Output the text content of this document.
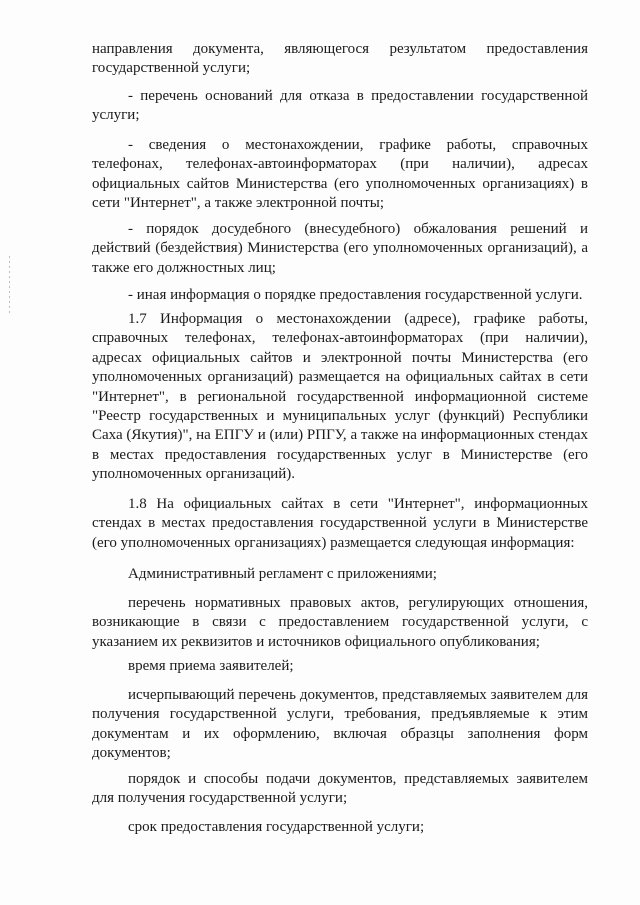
направления документа, являющегося результатом предоставления государственной услуги;

- перечень оснований для отказа в предоставлении государственной услуги;

- сведения о местонахождении, графике работы, справочных телефонах, телефонах-автоинформаторах (при наличии), адресах официальных сайтов Министерства (его уполномоченных организациях) в сети "Интернет", а также электронной почты;

- порядок досудебного (внесудебного) обжалования решений и действий (бездействия) Министерства (его уполномоченных организаций), а также его должностных лиц;

- иная информация о порядке предоставления государственной услуги.

1.7 Информация о местонахождении (адресе), графике работы, справочных телефонах, телефонах-автоинформаторах (при наличии), адресах официальных сайтов и электронной почты Министерства (его уполномоченных организаций) размещается на официальных сайтах в сети "Интернет", в региональной государственной информационной системе "Реестр государственных и муниципальных услуг (функций) Республики Саха (Якутия)", на ЕПГУ и (или) РПГУ, а также на информационных стендах в местах предоставления государственных услуг в Министерстве (его уполномоченных организаций).

1.8 На официальных сайтах в сети "Интернет", информационных стендах в местах предоставления государственной услуги в Министерстве (его уполномоченных организациях) размещается следующая информация:

Административный регламент с приложениями;

перечень нормативных правовых актов, регулирующих отношения, возникающие в связи с предоставлением государственной услуги, с указанием их реквизитов и источников официального опубликования;

время приема заявителей;

исчерпывающий перечень документов, представляемых заявителем для получения государственной услуги, требования, предъявляемые к этим документам и их оформлению, включая образцы заполнения форм документов;

порядок и способы подачи документов, представляемых заявителем для получения государственной услуги;

срок предоставления государственной услуги;
